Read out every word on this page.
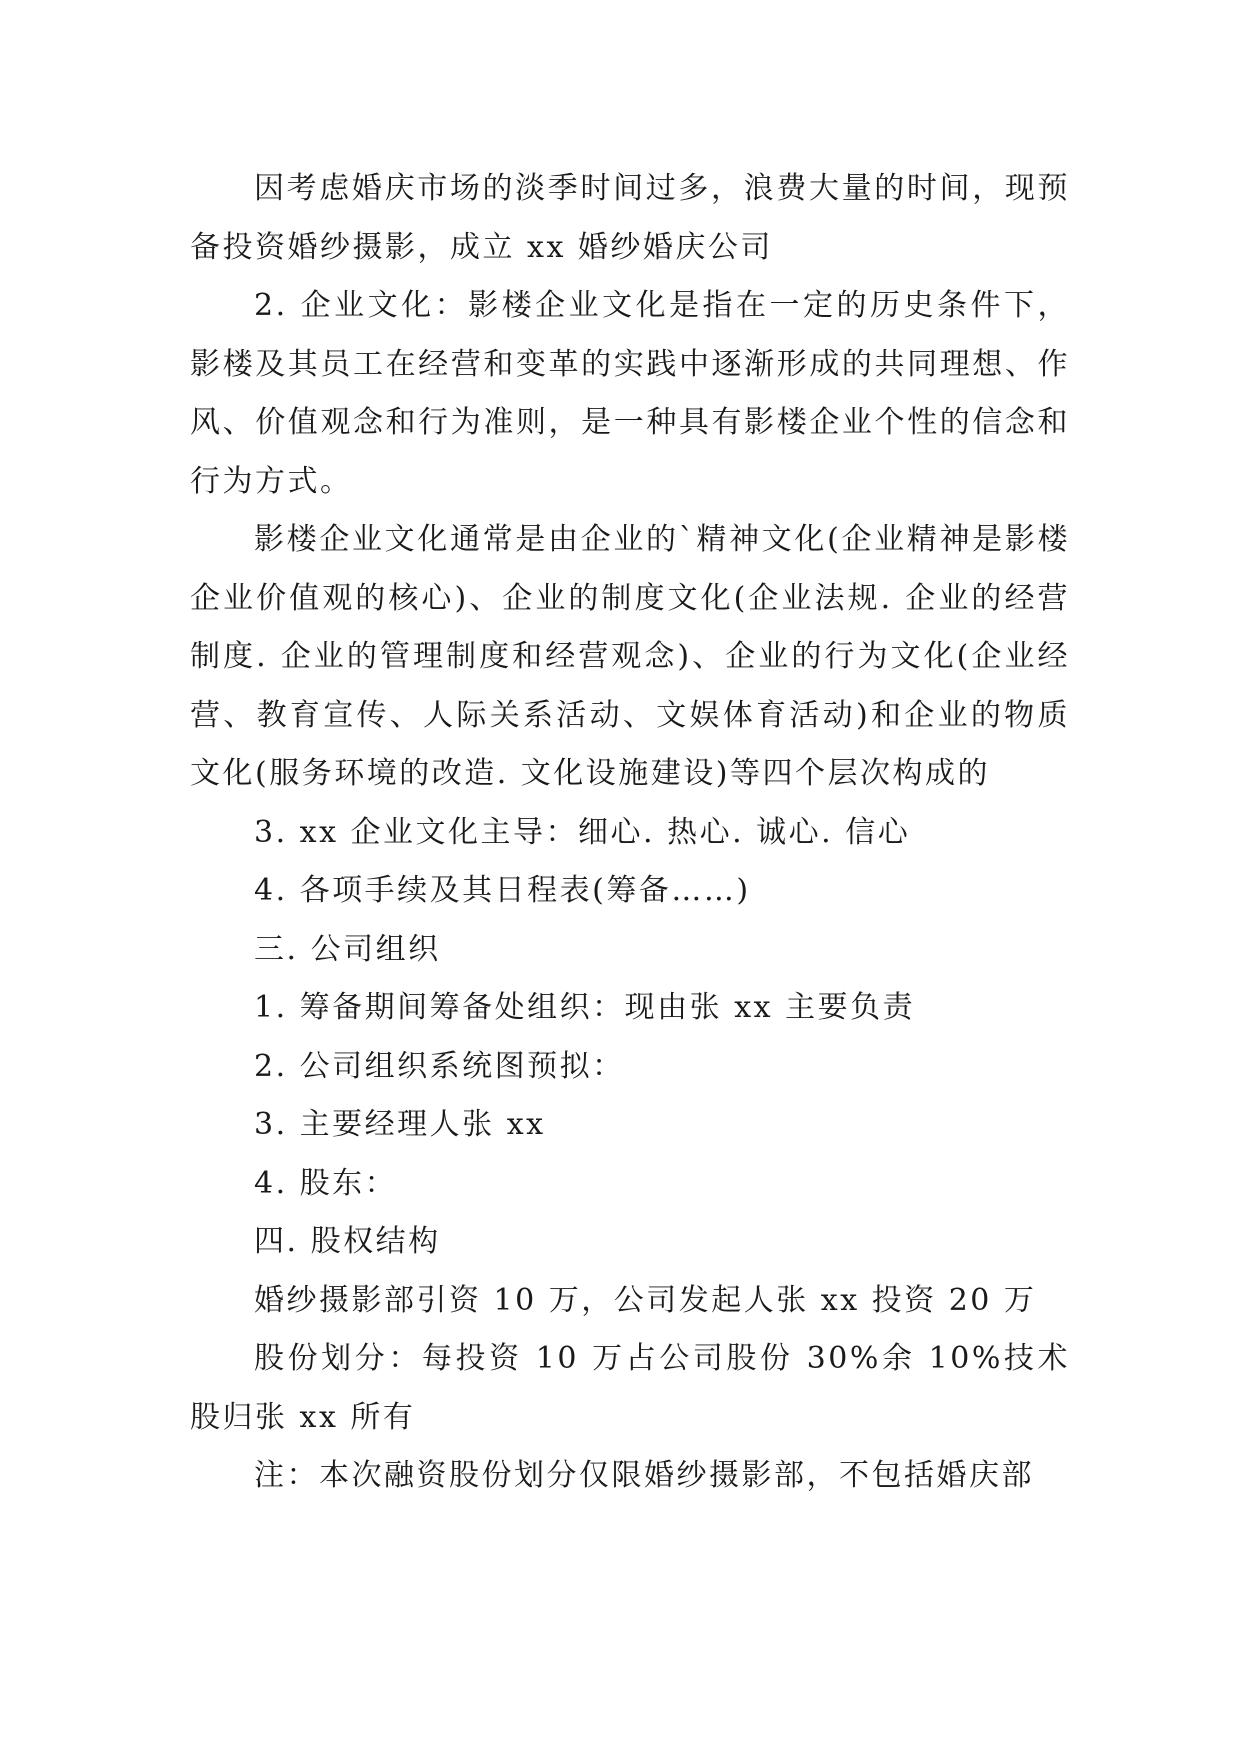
因考虑婚庆市场的淡季时间过多，浪费大量的时间，现预备投资婚纱摄影，成立 xx 婚纱婚庆公司

2. 企业文化：影楼企业文化是指在一定的历史条件下，影楼及其员工在经营和变革的实践中逐渐形成的共同理想、作风、价值观念和行为准则，是一种具有影楼企业个性的信念和行为方式。

影楼企业文化通常是由企业的`精神文化(企业精神是影楼企业价值观的核心)、企业的制度文化(企业法规. 企业的经营制度. 企业的管理制度和经营观念)、企业的行为文化(企业经营、教育宣传、人际关系活动、文娱体育活动)和企业的物质文化(服务环境的改造. 文化设施建设)等四个层次构成的

3. xx 企业文化主导：细心. 热心. 诚心. 信心

4. 各项手续及其日程表(筹备……)

三. 公司组织

1. 筹备期间筹备处组织：现由张 xx 主要负责

2. 公司组织系统图预拟：

3. 主要经理人张 xx

4. 股东：

四. 股权结构

婚纱摄影部引资 10 万，公司发起人张 xx 投资 20 万

股份划分：每投资 10 万占公司股份 30%余 10%技术股归张 xx 所有

注：本次融资股份划分仅限婚纱摄影部，不包括婚庆部
